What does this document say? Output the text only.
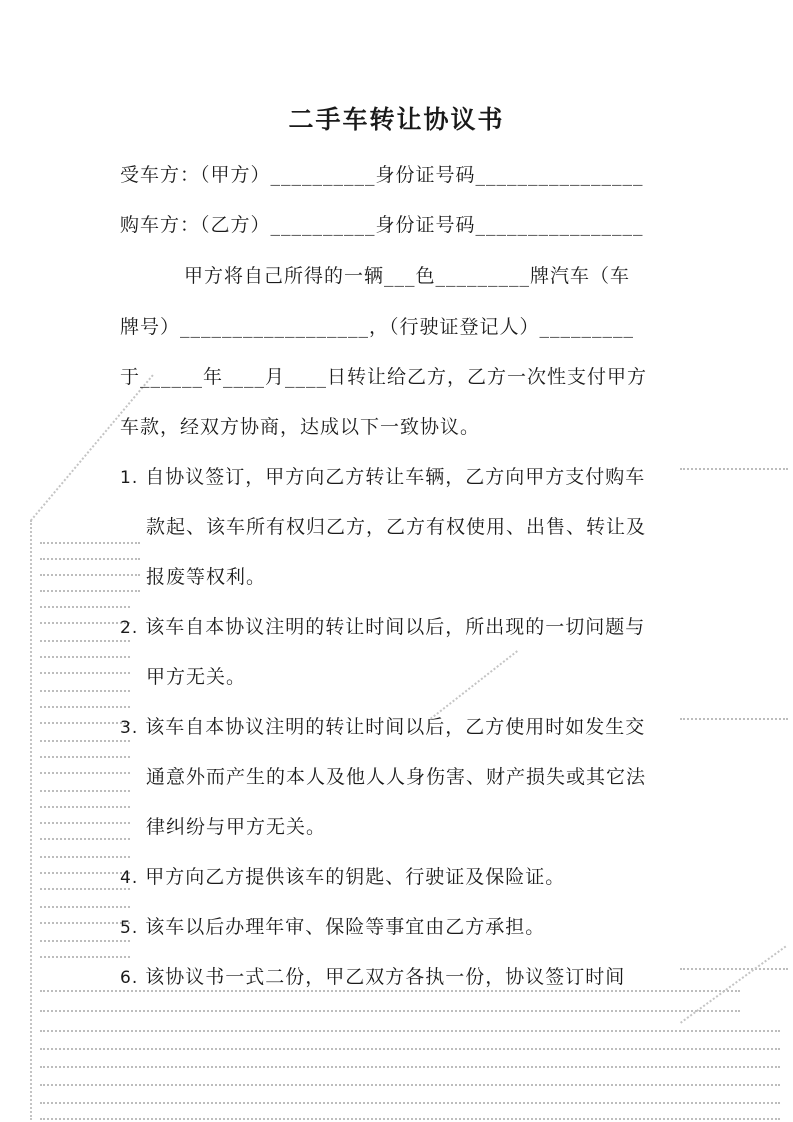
二手车转让协议书
受车方：（甲方）__________身份证号码________________
购车方：（乙方）__________身份证号码________________
甲方将自己所得的一辆___色_________牌汽车（车
牌号）__________________，（行驶证登记人）_________
于______年____月____日转让给乙方，乙方一次性支付甲方
车款，经双方协商，达成以下一致协议。
1. 自协议签订，甲方向乙方转让车辆，乙方向甲方支付购车
款起、该车所有权归乙方，乙方有权使用、出售、转让及
报废等权利。
2. 该车自本协议注明的转让时间以后，所出现的一切问题与
甲方无关。
3. 该车自本协议注明的转让时间以后，乙方使用时如发生交
通意外而产生的本人及他人人身伤害、财产损失或其它法
律纠纷与甲方无关。
4. 甲方向乙方提供该车的钥匙、行驶证及保险证。
5. 该车以后办理年审、保险等事宜由乙方承担。
6. 该协议书一式二份，甲乙双方各执一份，协议签订时间
